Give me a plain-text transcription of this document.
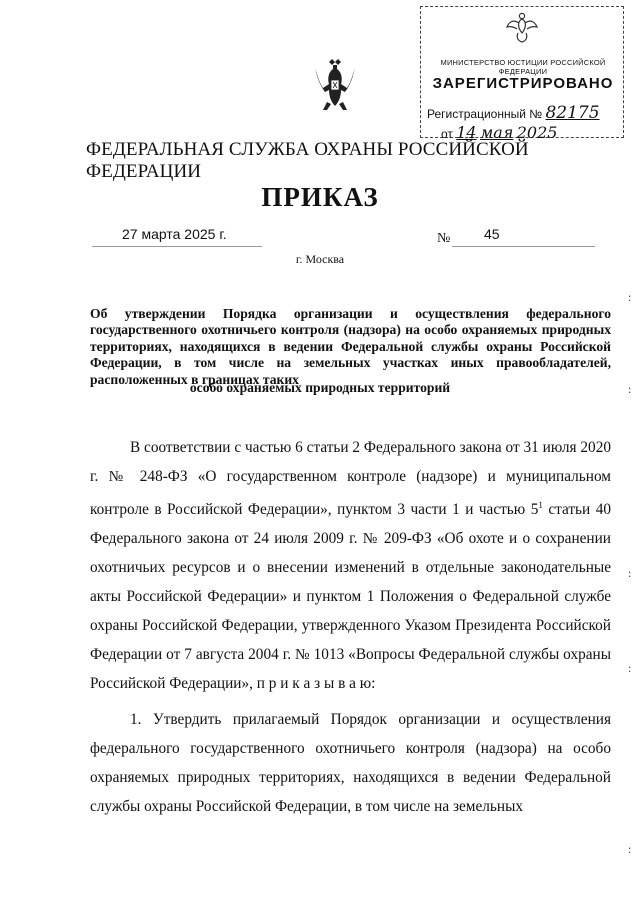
МИНИСТЕРСТВО ЮСТИЦИИ РОССИЙСКОЙ ФЕДЕРАЦИИ
ЗАРЕГИСТРИРОВАНО
Регистрационный № 82175
от 14 мая 2025
ФЕДЕРАЛЬНАЯ СЛУЖБА ОХРАНЫ РОССИЙСКОЙ ФЕДЕРАЦИИ
ПРИКАЗ
27 марта 2025 г.	№ 45
г. Москва
Об утверждении Порядка организации и осуществления федерального государственного охотничьего контроля (надзора) на особо охраняемых природных территориях, находящихся в ведении Федеральной службы охраны Российской Федерации, в том числе на земельных участках иных правообладателей, расположенных в границах таких
особо охраняемых природных территорий
В соответствии с частью 6 статьи 2 Федерального закона от 31 июля 2020 г. № 248-ФЗ «О государственном контроле (надзоре) и муниципальном контроле в Российской Федерации», пунктом 3 части 1 и частью $5^1$ статьи 40 Федерального закона от 24 июля 2009 г. № 209-ФЗ «Об охоте и о сохранении охотничьих ресурсов и о внесении изменений в отдельные законодательные акты Российской Федерации» и пунктом 1 Положения о Федеральной службе охраны Российской Федерации, утвержденного Указом Президента Российской Федерации от 7 августа 2004 г. № 1013 «Вопросы Федеральной службы охраны Российской Федерации», п р и к а з ы в а ю:
1. Утвердить прилагаемый Порядок организации и осуществления федерального государственного охотничьего контроля (надзора) на особо охраняемых природных территориях, находящихся в ведении Федеральной службы охраны Российской Федерации, в том числе на земельных
:
:
:
:
:
